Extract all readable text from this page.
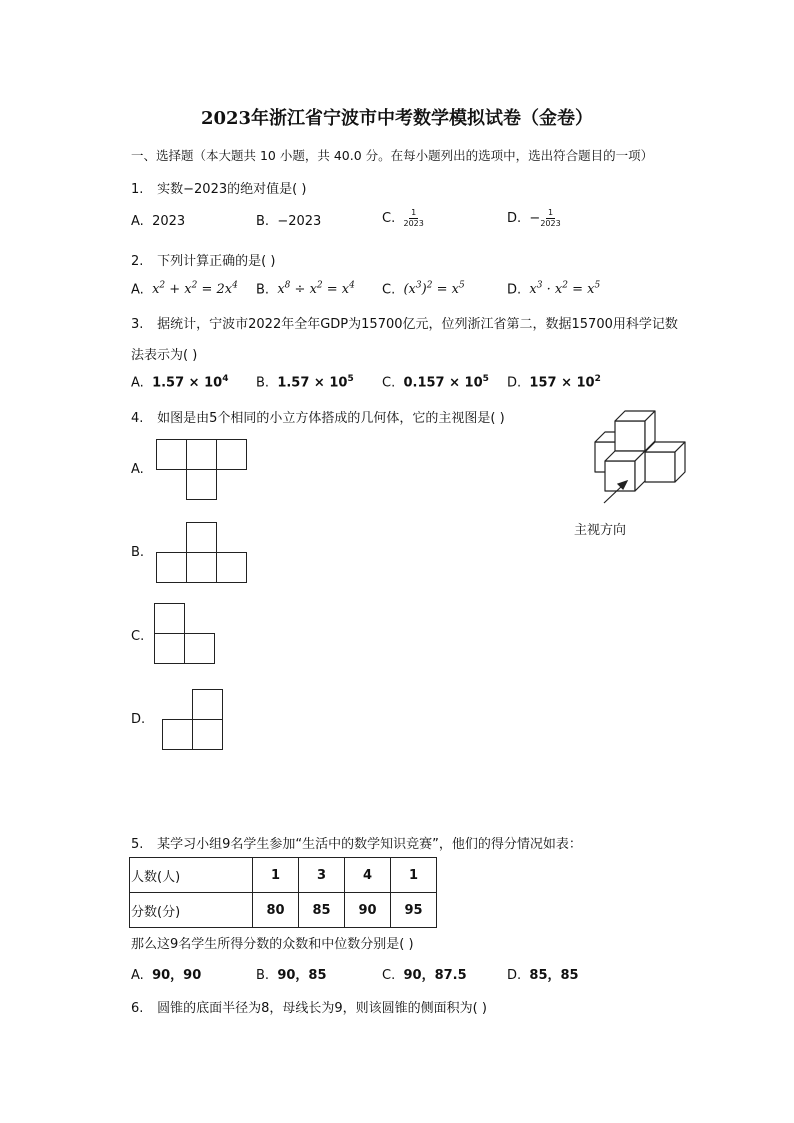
2023年浙江省宁波市中考数学模拟试卷（金卷）
一、选择题（本大题共 10 小题，共 40.0 分。在每小题列出的选项中，选出符合题目的一项）
1. 实数−2023的绝对值是( )
A. 2023	B. −2023	C. $\frac{1}{2023}$	D. − $\frac{1}{2023}$
2. 下列计算正确的是( )
A. $x^2 + x^2 = 2x^4$ B. $x^8 \div x^2 = x^4$ C. $(x^3)^2 = x^5$	D. $x^3 \cdot x^2 = x^5$
3. 据统计，宁波市2022年全年GDP为15700亿元，位列浙江省第二，数据15700用科学记数
法表示为( )
A. $1.57 \times 10^4$ B. $1.57 \times 10^5$ C. $0.157 \times 10^5$ D. $157 \times 10^2$
4. 如图是由5个相同的小立方体搭成的几何体，它的主视图是( )
主视方向
A.
B.
C.
D.
5. 某学习小组9名学生参加“生活中的数学知识竞赛”，他们的得分情况如表：
人数(人)	1	3	4	1
分数(分)	80	85	90	95
那么这9名学生所得分数的众数和中位数分别是( )
A. 90，90	B. 90，85	C. 90，87.5	D. 85，85
6. 圆锥的底面半径为8，母线长为9，则该圆锥的侧面积为( )
